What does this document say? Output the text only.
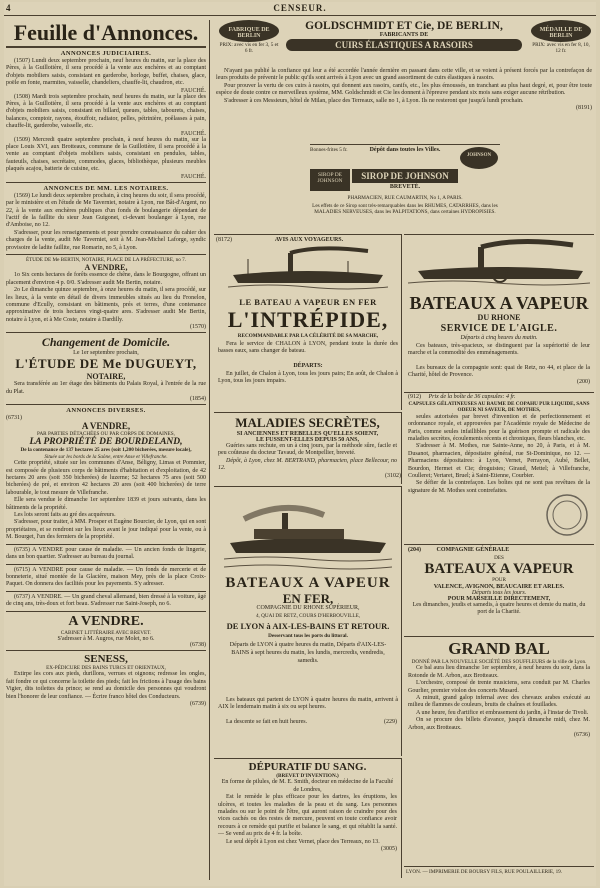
4	CENSEUR.
Feuille d'Annonces.
ANNONCES JUDICIAIRES.

(1507) Lundi deux septembre prochain, neuf heures du matin, sur la place des Pères, à la Guillotière, il sera procédé à la vente aux enchères et au comptant d'objets mobiliers saisis, consistant en garderobe, horloge, buffet, chaises, glace, poële en fonte, marmites, vaisselle, chandeliers, chauffe-lit, chaudron, etc.

FAUCHÉ.

(1508) Mardi trois septembre prochain, neuf heures du matin, sur la place des Pères, à la Guillotière, il sera procédé à la vente aux enchères et au comptant d'objets mobiliers saisis, consistant en billard, queues, tables, tabourets, chaises, balances, comptoir, rayons, étouffoir, radiator, pelles, pétrinière, poêlasses à pain, chauffe-lit, garderobe, vaisselle, etc.

FAUCHÉ.

(1509) Mercredi quatre septembre prochain, à neuf heures du matin, sur la place Louis XVI, aux Brotteaux, commune de la Guillotière, il sera procédé à la vente au comptant d'objets mobiliers saisis, consistant en pendules, tables, fauteuils, chaises, secrétaire, commodes, glaces, bibliothèque, plusieurs meubles plaqués acajou, batterie de cuisine, etc.

FAUCHÉ.
ANNONCES DE MM. LES NOTAIRES.

(1569) Le lundi deux septembre prochain, à cinq heures du soir, il sera procédé, par le ministère et en l'étude de Me Taverniet, notaire à Lyon, rue Bât-d'Argent, no 22, à la vente aux enchères publiques d'un fonds de boulangerie dépendant de l'actif de la faillite du sieur Jean Guigonet, ci-devant boulanger à Lyon, rue d'Amboise, no 12.

S'adresser, pour les renseignements et pour prendre connaissance du cahier des charges de la vente, audit Me Taverniet, soit à M. Jean-Michel Laforge, syndic provisoire de ladite faillite, rue Romarin, no 5, à Lyon.

ÉTUDE DE Me BERTIN, NOTAIRE, PLACE DE LA PRÉFECTURE, no 7.
A VENDRE,

1o Six cents hectares de forêts essence de chêne, dans le Bourgogne, offrant un placement d'environ 4 p. 0/0. S'adresser audit Me Bertin, notaire.

2o Le dimanche quinze septembre, à onze heures du matin, il sera procédé, sur les lieux, à la vente en détail de divers immeubles situés au lieu du Fronelon, commune d'Ecully, consistant en bâtiments, prés et terres, d'une contenance approximative de trois hectares vingt-quatre ares. S'adresser audit Me Bertin, notaire à Lyon, et à Me Coste, notaire à Dardilly.

(1570)
Changement de Domicile.
Le 1er septembre prochain,
L'ÉTUDE DE Me DUGUEYT,
NOTAIRE,

Sera transférée au 1er étage des bâtiments du Palais Royal, à l'entrée de la rue du Plat.

(1854)
ANNONCES DIVERSES.
(6731)
A VENDRE,
PAR PARTIES DÉTACHÉES OU PAR CORPS DE DOMAINES,
LA PROPRIÉTÉ DE BOURDELAND,
De la contenance de 137 hectares 25 ares (soit 1,200 bicherées, mesure locale),
Située sur les bords de la Saône, entre Anse et Villefranche.

Cette propriété, située sur les communes d'Anse, Béligny, Limas et Pommier, est composée de plusieurs corps de bâtiments d'habitation et d'exploitation, de 42 hectares 20 ares (soit 350 bicherées) de luzerne; 52 hectares 75 ares (soit 500 bicherées) de pré, et environ 42 hectares 20 ares (soit 400 bicherées) de terre labourable, le tout mesure de Villefranche.

Elle sera vendue le dimanche 1er septembre 1839 et jours suivants, dans les bâtiments de la propriété.

Les lots seront faits au gré des acquéreurs.

S'adresser, pour traiter, à MM. Prosper et Eugène Bourcier, de Lyon, qui en sont propriétaires, et se rendront sur les lieux avant le jour indiqué pour la vente, ou à M. Bourget, l'un des fermiers de la propriété.

(6735) A VENDRE pour cause de maladie. — Un ancien fonds de lingerie, dans un bon quartier. S'adresser au bureau du journal.

(6715) A VENDRE pour cause de maladie. — Un fonds de mercerie et de bonneterie, situé montée de la Glacière, maison Mey, près de la place Croix-Paquet. On donnera des facilités pour les payements. S'y adresser.

(6737) A VENDRE. — Un grand cheval allemand, bien dressé à la voiture, âgé de cinq ans, très-doux et fort beau. S'adresser rue Saint-Joseph, no 6.

A VENDRE.
CABINET LITTÉRAIRE AVEC BREVET.
S'adresser à M. Augros, rue Molet, no 6.
(6738)
SENESS,
EX-PÉDICURE DES BAINS TURCS ET ORIENTAUX,

Extirpe les cors aux pieds, durillons, verrues et oignons; redresse les ongles, fait fondre ce qui concerne la toilette des pieds; fait les frictions à l'usage des bains Vigier, dits toilettes du prince; se rend au domicile des personnes qui voudront bien l'honorer de leur confiance. — Écrire franco hôtel des Conducteurs.

(6739)
FABRIQUE DE BERLIN
PRIX: avec vis en fer 3, 5 et 6 fr.
GOLDSCHMIDT ET Cie, DE BERLIN,
FABRICANTS DE
CUIRS ÉLASTIQUES A RASOIRS
MÉDAILLE DE BERLIN
PRIX: avec vis en fer 8, 10, 12 fr.

N'ayant pas publié la confiance qui leur a été accordée l'année dernière en passant dans cette ville, et se voient à présent forcés par la contrefaçon de leurs produits de prévenir le public qu'ils sont arrivés à Lyon avec un grand assortiment de cuirs élastiques à rasoirs.

Pour prouver la vertu de ces cuirs à rasoirs, qui donnent aux rasoirs, canifs, etc., les plus émoussés, un tranchant au plus haut degré, et, pour être toute espèce de doute contre ce merveilleux système, MM. Goldschmidt et Cie les donnent à l'épreuve pendant six mois sans exiger aucune rétribution.

S'adresser à ces Messieurs, hôtel de Milan, place des Terreaux, salle no 1, à Lyon. Ils ne resteront que jusqu'à lundi prochain.

(8191)
Bonnes-frites 5 fr.	Dépôt dans toutes les Villes.
JOHNSON
SIROP DE JOHNSON	SIROP DE JOHNSON
BREVETÉ.
PHARMACIEN, RUE CAUMARTIN, No 1, A PARIS.
Les effets de ce Sirop sont très-remarquables dans les RHUMES, CATARRHES, dans les MALADIES NERVEUSES, dans les PALPITATIONS, dans certaines HYDROPISIES.
(8172)	AVIS AUX VOYAGEURS.
LE BATEAU A VAPEUR EN FER
L'INTRÉPIDE,
RECOMMANDABLE PAR LA CÉLÉRITÉ DE SA MARCHE,

Fera le service de CHALON à LYON, pendant toute la durée des basses eaux, sans changer de bateau.

DÉPARTS:

En juillet, de Chalon à Lyon, tous les jours pairs; En août, de Chalon à Lyon, tous les jours impairs.

BATEAUX A VAPEUR
DU RHONE
SERVICE DE L'AIGLE.
Départs à cinq heures du matin.

Ces bateaux, très-spacieux, se distinguent par la supériorité de leur marche et la commodité des emménagements.

Les bureaux de la compagnie sont: quai de Retz, no 44, et place de la Charité, hôtel de Provence.

(200)
MALADIES SECRÈTES,
SI ANCIENNES ET REBELLES QU'ELLES SOIENT,
LE FUSSENT-ELLES DEPUIS 50 ANS,

Guéries sans rechute, en un à cinq jours, par la méthode sûre, facile et peu coûteuse du docteur Tavaud, de Montpellier, breveté.

Dépôt, à Lyon, chez M. BERTRAND, pharmacien, place Bellecour, no 12.

(3102)
(912) Prix de la boîte de 36 capsules: 4 fr.

CAPSULES GÉLATINEUSES AU BAUME DE COPAHU PUR LIQUIDE, SANS ODEUR NI SAVEUR, DE MOTHES,

seules autorisées par brevet d'invention et de perfectionnement et ordonnance royale, et approuvées par l'Académie royale de Médecine de Paris, comme seules infaillibles pour la guérison prompte et radicale des maladies secrètes, écoulements récents et chroniques, fleurs blanches, etc.

S'adresser à M. Mothes, rue Sainte-Anne, no 20, à Paris, et à M. Dusanot, pharmacien, dépositaire général, rue St-Dominique, no 12. — Pharmaciens dépositaires: à Lyon, Vernet, Perrayon, Aubé, Bellet, Bourdon, Hermet et Cie; droguistes; Giraud, Mettel; à Villefranche, Coulleret; Vertaret, Bruel; à Saint-Etienne, Courbier.

Se défier de la contrefaçon. Les boîtes qui ne sont pas revêtues de la signature de M. Mothes sont contrefaites.

BATEAUX A VAPEUR
EN FER,
COMPAGNIE DU RHONE SUPÉRIEUR,
4, QUAI DE RETZ, COURS D'HERBOUVILLE,
DE LYON à AIX-LES-BAINS ET RETOUR.
Desservant tous les ports du littoral.

Départs de LYON à quatre heures du matin, Départs d'AIX-LES-BAINS à sept heures du matin, les lundis, mercredis, vendredis, samedis.

Les bateaux qui partent de LYON à quatre heures du matin, arrivent à AIX le lendemain matin à six ou sept heures.

La descente se fait en huit heures.	(229)
(204)	COMPAGNIE GÉNÉRALE
DES
BATEAUX A VAPEUR
POUR
VALENCE, AVIGNON, BEAUCAIRE ET ARLES.
Départs tous les jours.
POUR MARSEILLE DIRECTEMENT,

Les dimanches, jeudis et samedis, à quatre heures et demie du matin, du port de la Charité.

GRAND BAL
DONNÉ PAR LA NOUVELLE SOCIÉTÉ DES SOUFFLEURS de la ville de Lyon.

Ce bal aura lieu dimanche 1er septembre, à neuf heures du soir, dans la Rotonde de M. Arbon, aux Brotteaux.

L'orchestre, composé de trente musiciens, sera conduit par M. Charles Gourlier, premier violon des concerts Musard.

A minuit, grand galop infernal avec des chevaux arabes exécuté au milieu de flammes de couleurs, bruits de chaînes et fouillades.

A une heure, feu d'artifice et embrasement du jardin, à l'instar de Tivoli.

On se procure des billets d'avance, jusqu'à dimanche midi, chez M. Arbon, aux Brotteaux.

(6736)
DÉPURATIF DU SANG.
(BREVET D'INVENTION.)

En forme de pilules, de M. E. Smith, docteur en médecine de la Faculté de Londres,

Est le remède le plus efficace pour les dartres, les éruptions, les ulcères, et toutes les maladies de la peau et du sang. Les personnes malades ou sur le point de l'être, qui auront raison de craindre pour des vices cachés ou des restes de mercure, peuvent en toute confiance avoir recours à ce remède qui purifie et balance le sang, et qui rétablit la santé. — Se vend au prix de 4 fr. la boîte.

Le seul dépôt à Lyon est chez Vernet, place des Terreaux, no 13.

(3005)
LYON. — IMPRIMERIE DE BOURSY FILS, RUE POULAILLERIE, 19.
